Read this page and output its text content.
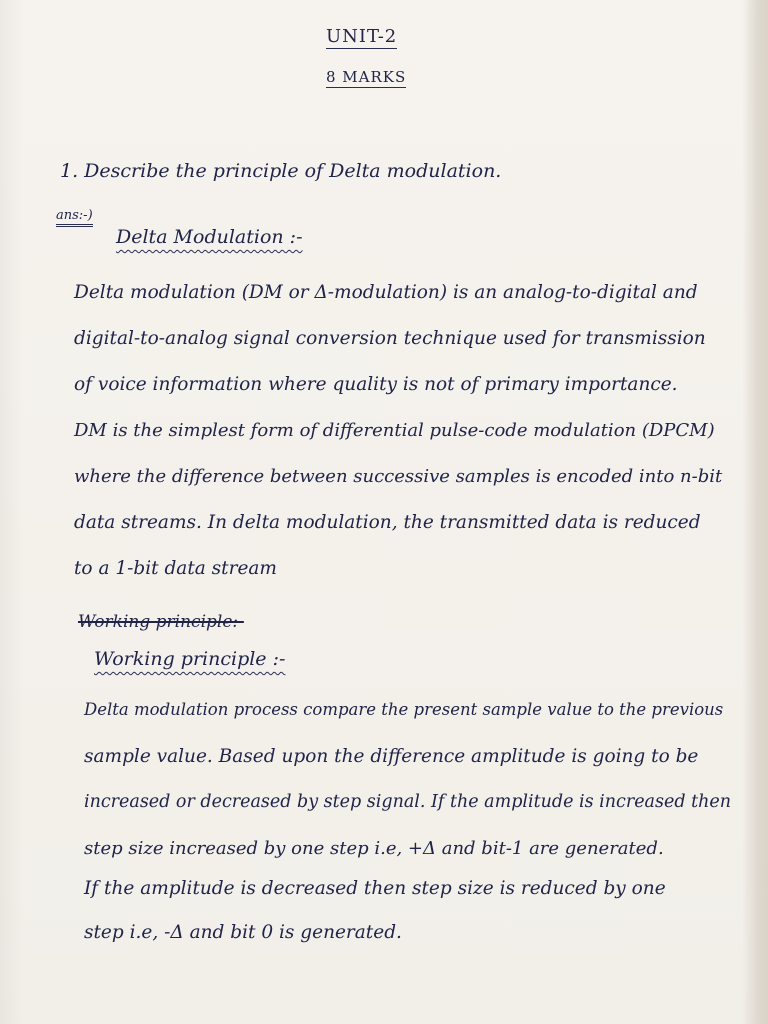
UNIT-2
8 MARKS
1. Describe the principle of Delta modulation.
ans:-)
Delta Modulation :-
Delta modulation (DM or Δ-modulation) is an analog-to-digital and
digital-to-analog signal conversion technique used for transmission
of voice information where quality is not of primary importance.
DM is the simplest form of differential pulse-code modulation (DPCM)
where the difference between successive samples is encoded into n-bit
data streams. In delta modulation, the transmitted data is reduced
to a 1-bit data stream
Working principle:-
Working principle :-
Delta modulation process compare the present sample value to the previous
sample value. Based upon the difference amplitude is going to be
increased or decreased by step signal. If the amplitude is increased then
step size increased by one step i.e, +Δ and bit-1 are generated.
If the amplitude is decreased then step size is reduced by one
step i.e, -Δ and bit 0 is generated.
